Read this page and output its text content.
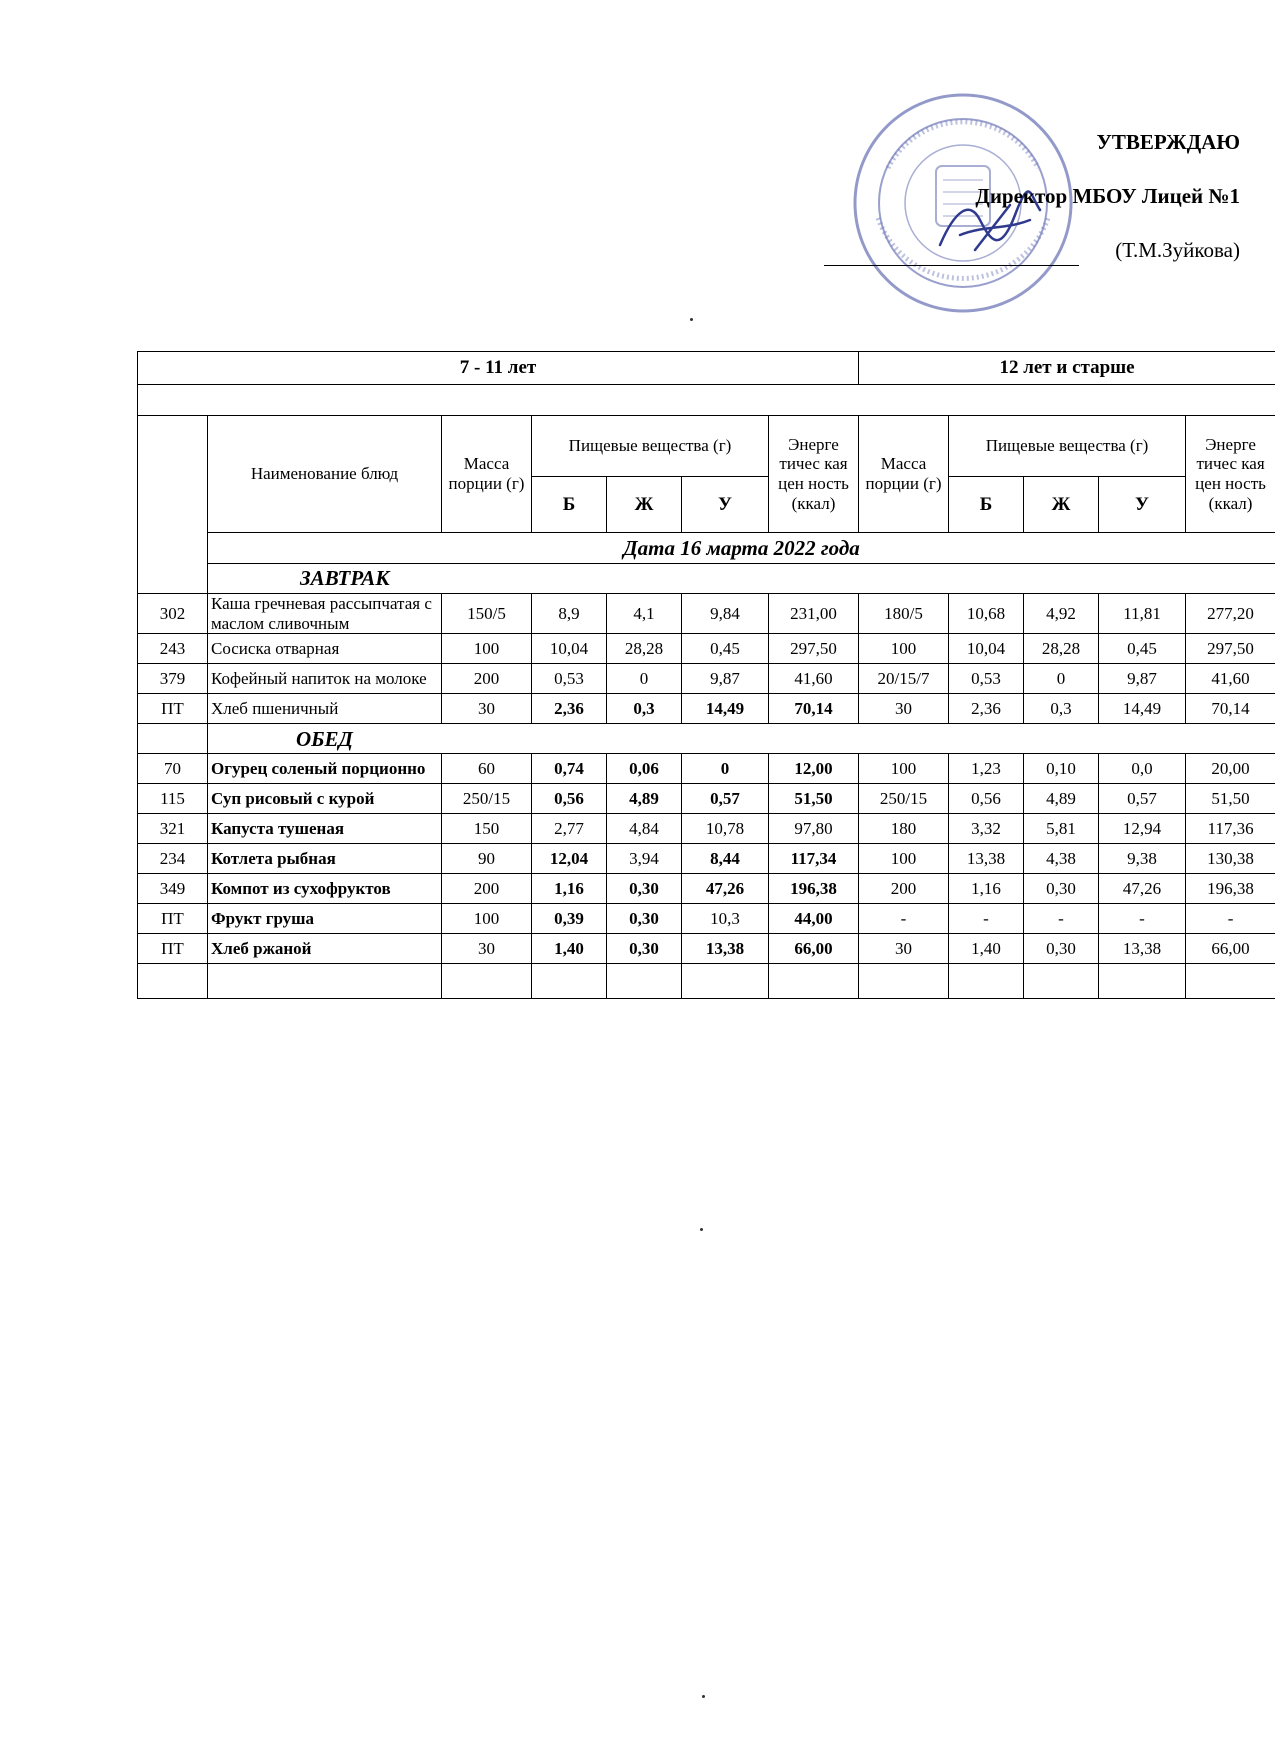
УТВЕРЖДАЮ
Директор МБОУ Лицей №1
(Т.М.Зуйкова)
7 - 11 лет							12 лет и старше				

	Наименование блюд	Масса порции (г)	Пищевые вещества (г)			Энерге тичес кая цен ность (ккал)	Масса порции (г)	Пищевые вещества (г)			Энерге тичес кая цен ность (ккал)
			Б	Ж	У			Б	Ж	У	
	Дата 16 марта 2022 года										
	ЗАВТРАК										
302	Каша гречневая рассыпчатая с маслом сливочным	150/5	8,9	4,1	9,84	231,00	180/5	10,68	4,92	11,81	277,20
243	Сосиска отварная	100	10,04	28,28	0,45	297,50	100	10,04	28,28	0,45	297,50
379	Кофейный напиток на молоке	200	0,53	0	9,87	41,60	20/15/7	0,53	0	9,87	41,60
ПТ	Хлеб пшеничный	30	2,36	0,3	14,49	70,14	30	2,36	0,3	14,49	70,14
	ОБЕД										
70	Огурец соленый порционно	60	0,74	0,06	0	12,00	100	1,23	0,10	0,0	20,00
115	Суп рисовый с курой	250/15	0,56	4,89	0,57	51,50	250/15	0,56	4,89	0,57	51,50
321	Капуста тушеная	150	2,77	4,84	10,78	97,80	180	3,32	5,81	12,94	117,36
234	Котлета рыбная	90	12,04	3,94	8,44	117,34	100	13,38	4,38	9,38	130,38
349	Компот из сухофруктов	200	1,16	0,30	47,26	196,38	200	1,16	0,30	47,26	196,38
ПТ	Фрукт груша	100	0,39	0,30	10,3	44,00	-	-	-	-	-
ПТ	Хлеб ржаной	30	1,40	0,30	13,38	66,00	30	1,40	0,30	13,38	66,00
